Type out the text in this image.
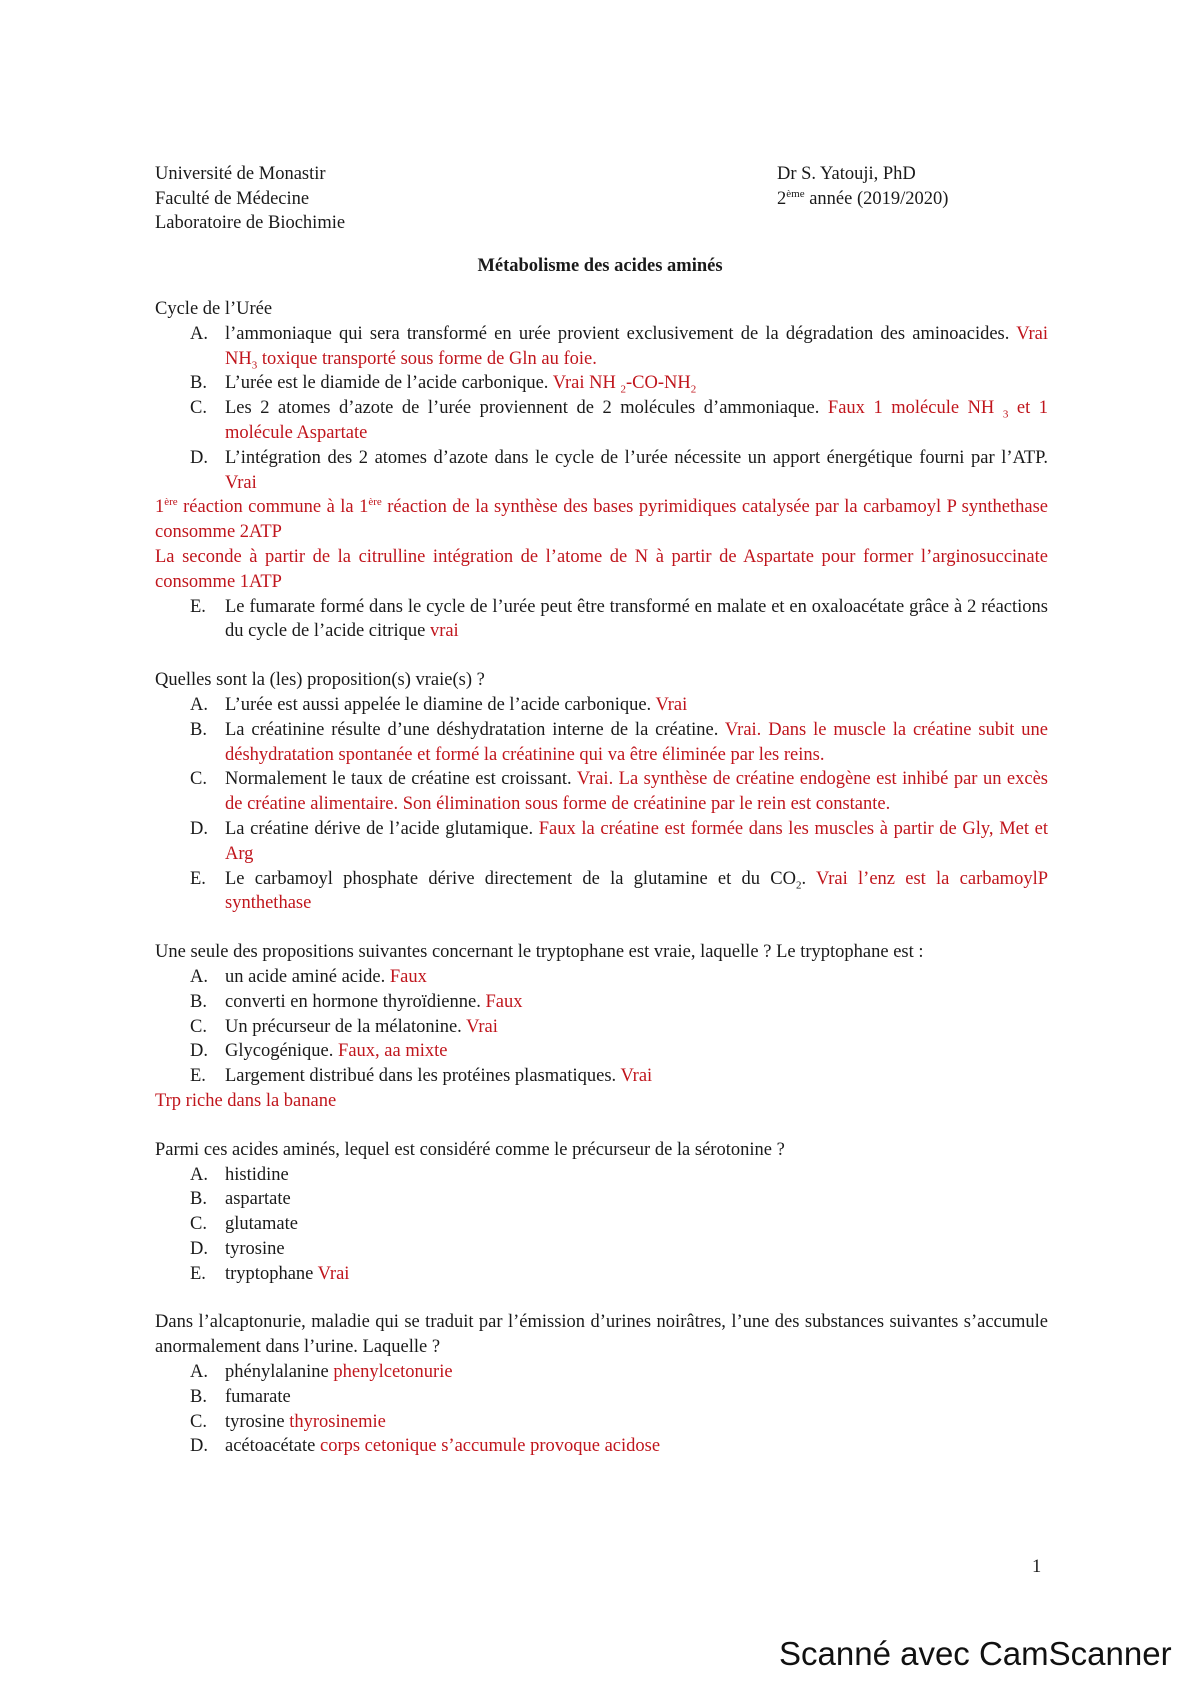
Université de Monastir
Faculté de Médecine
Laboratoire de Biochimie
Dr S. Yatouji, PhD
2ème année (2019/2020)
Métabolisme des acides aminés

Cycle de l’Urée

A. l’ammoniaque qui sera transformé en urée provient exclusivement de la dégradation des aminoacides. Vrai $NH_3$ toxique transporté sous forme de Gln au foie.
B. L’urée est le diamide de l’acide carbonique. Vrai NH $_2-CO-NH_2$
C. Les 2 atomes d’azote de l’urée proviennent de 2 molécules d’ammoniaque. Faux 1 molécule NH $_3$ et 1 molécule Aspartate
D. L’intégration des 2 atomes d’azote dans le cycle de l’urée nécessite un apport énergétique fourni par l’ATP. Vrai

1ère réaction commune à la 1ère réaction de la synthèse des bases pyrimidiques catalysée par la carbamoyl P synthethase consomme 2ATP

La seconde à partir de la citrulline intégration de l’atome de N à partir de Aspartate pour former l’arginosuccinate consomme 1ATP

E.	Le fumarate formé dans le cycle de l’urée peut être transformé en malate et en oxaloacétate grâce à 2 réactions du cycle de l’acide citrique vrai

Quelles sont la (les) proposition(s) vraie(s) ?

A. L’urée est aussi appelée le diamine de l’acide carbonique. Vrai
B. La créatinine résulte d’une déshydratation interne de la créatine. Vrai. Dans le muscle la créatine subit une déshydratation spontanée et formé la créatinine qui va être éliminée par les reins.
C. Normalement le taux de créatine est croissant. Vrai. La synthèse de créatine endogène est inhibé par un excès de créatine alimentaire. Son élimination sous forme de créatinine par le rein est constante.
D. La créatine dérive de l’acide glutamique. Faux la créatine est formée dans les muscles à partir de Gly, Met et Arg
E.	Le carbamoyl phosphate dérive directement de la glutamine et du $CO_2$. Vrai l’enz est la carbamoylP synthethase

Une seule des propositions suivantes concernant le tryptophane est vraie, laquelle ? Le tryptophane est :

A. un acide aminé acide. Faux
B. converti en hormone thyroïdienne. Faux
C. Un précurseur de la mélatonine. Vrai
D. Glycogénique. Faux, aa mixte
E.	Largement distribué dans les protéines plasmatiques. Vrai

Trp riche dans la banane

Parmi ces acides aminés, lequel est considéré comme le précurseur de la sérotonine ?

A. histidine
B. aspartate
C. glutamate
D. tyrosine
E.	tryptophane Vrai

Dans l’alcaptonurie, maladie qui se traduit par l’émission d’urines noirâtres, l’une des substances suivantes s’accumule anormalement dans l’urine. Laquelle ?

A. phénylalanine phenylcetonurie
B. fumarate
C. tyrosine thyrosinemie
D. acétoacétate corps cetonique s’accumule provoque acidose
1
Scanné avec CamScanner
